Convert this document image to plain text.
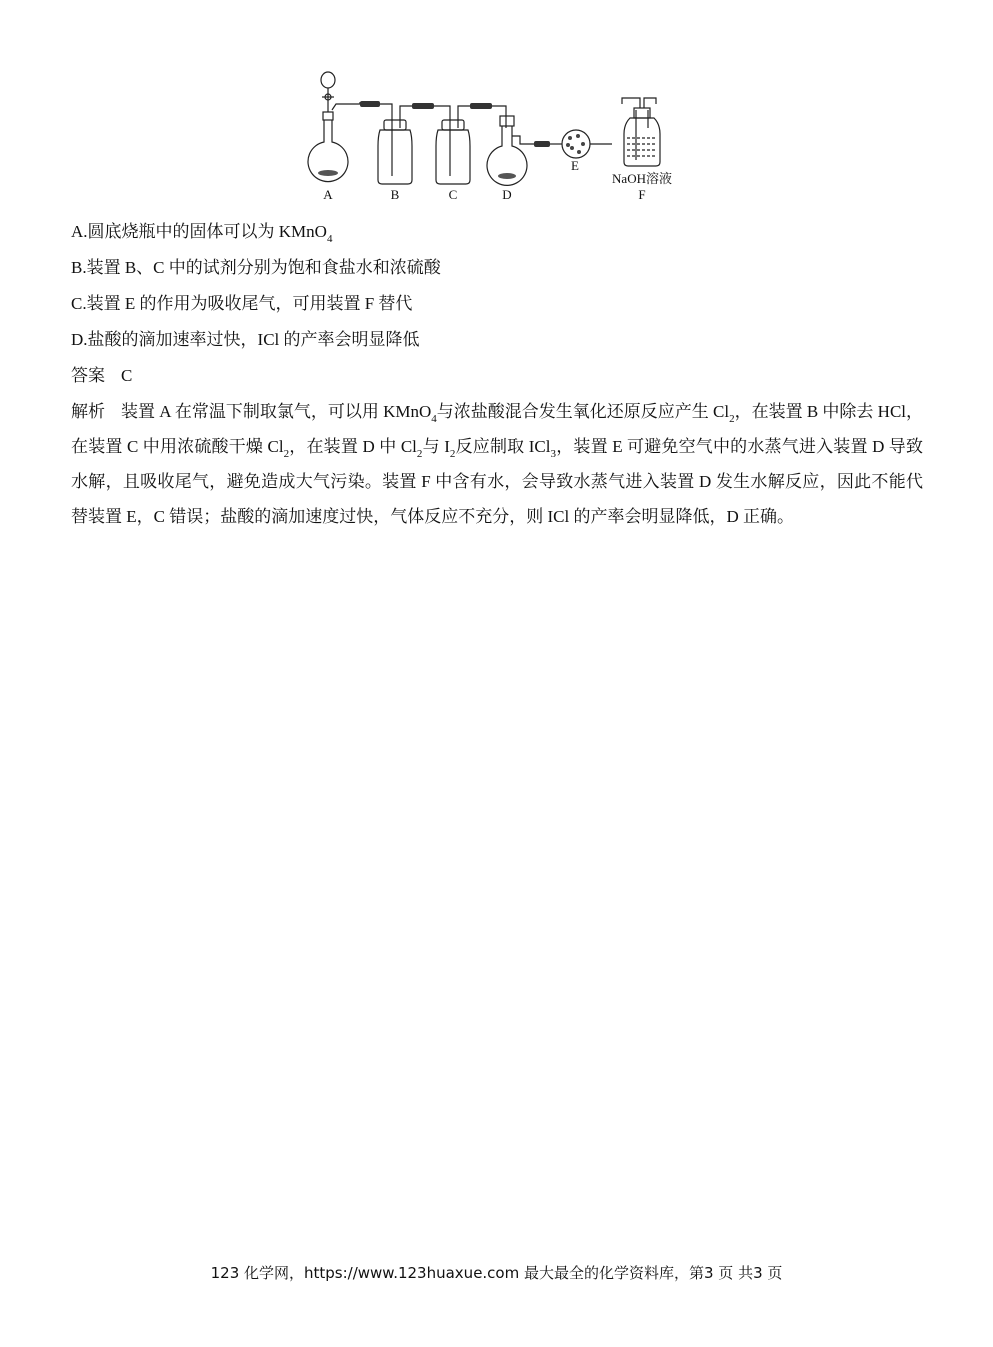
A	B	C	D
E
NaOH溶液
F
A.圆底烧瓶中的固体可以为 KMnO$_4$
B.装置 B、C 中的试剂分别为饱和食盐水和浓硫酸
C.装置 E 的作用为吸收尾气，可用装置 F 替代
D.盐酸的滴加速率过快，ICl 的产率会明显降低
答案 C
解析 装置 A 在常温下制取氯气，可以用 KMnO$_4$与浓盐酸混合发生氧化还原反应产生 $Cl_2$，在装置 B 中除去 HCl，在装置 C 中用浓硫酸干燥 $Cl_2$，在装置 D 中 $Cl_2$与 $I_2$反应制取 ICl$_3$，装置 E 可避免空气中的水蒸气进入装置 D 导致水解，且吸收尾气，避免造成大气污染。装置 F 中含有水，会导致水蒸气进入装置 D 发生水解反应，因此不能代替装置 E，C 错误；盐酸的滴加速度过快，气体反应不充分，则 ICl 的产率会明显降低，D 正确。
123 化学网，https://www.123huaxue.com 最大最全的化学资料库，第3 页 共3 页
